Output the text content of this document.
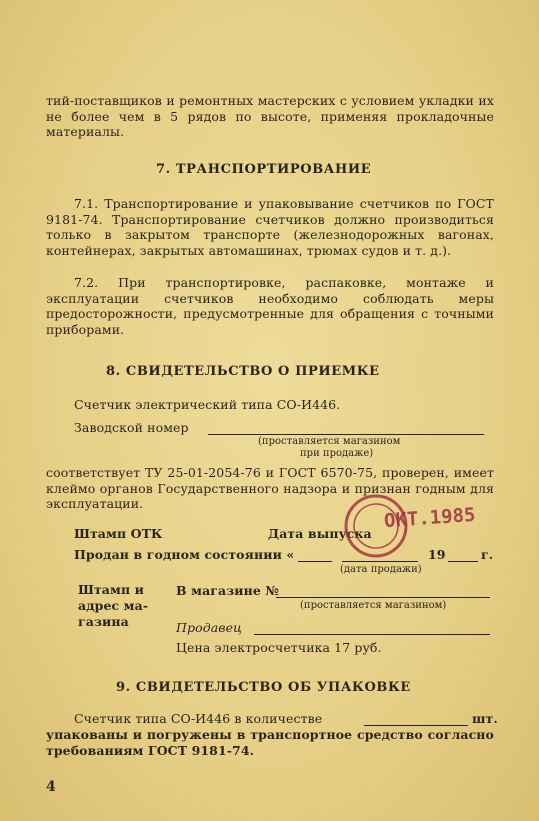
тий-поставщиков и ремонтных мастерских с условием укладки их не более чем в 5 рядов по высоте, применяя прокладочные материалы.
7. ТРАНСПОРТИРОВАНИЕ
7.1. Транспортирование и упаковывание счетчиков по ГОСТ 9181-74. Транспортирование счетчиков должно производиться только в закрытом транспорте (железнодорожных вагонах, контейнерах, закрытых автомашинах, трюмах судов и т. д.).
7.2. При транспортировке, распаковке, монтаже и эксплуатации счетчиков необходимо соблюдать меры предосторожности, предусмотренные для обращения с точными приборами.
8. СВИДЕТЕЛЬСТВО О ПРИЕМКЕ
Счетчик электрический типа СО-И446.
Заводской номер
(проставляется магазином
при продаже)
соответствует ТУ 25-01-2054-76 и ГОСТ 6570-75, проверен, имеет клеймо органов Государственного надзора и признан годным для эксплуатации.
Штамп ОТК	Дата выпуска
Продан в годном состоянии «	19	г.
(дата продажи)
Штамп и
адрес ма-
газина
В магазине №
(проставляется магазином)
Продавец
Цена электросчетчика 17 руб.
9. СВИДЕТЕЛЬСТВО ОБ УПАКОВКЕ
Счетчик типа СО-И446 в количестве	шт.
упакованы и погружены в транспортное средство согласно требованиям ГОСТ 9181-74.
4
ОКТ.1985
